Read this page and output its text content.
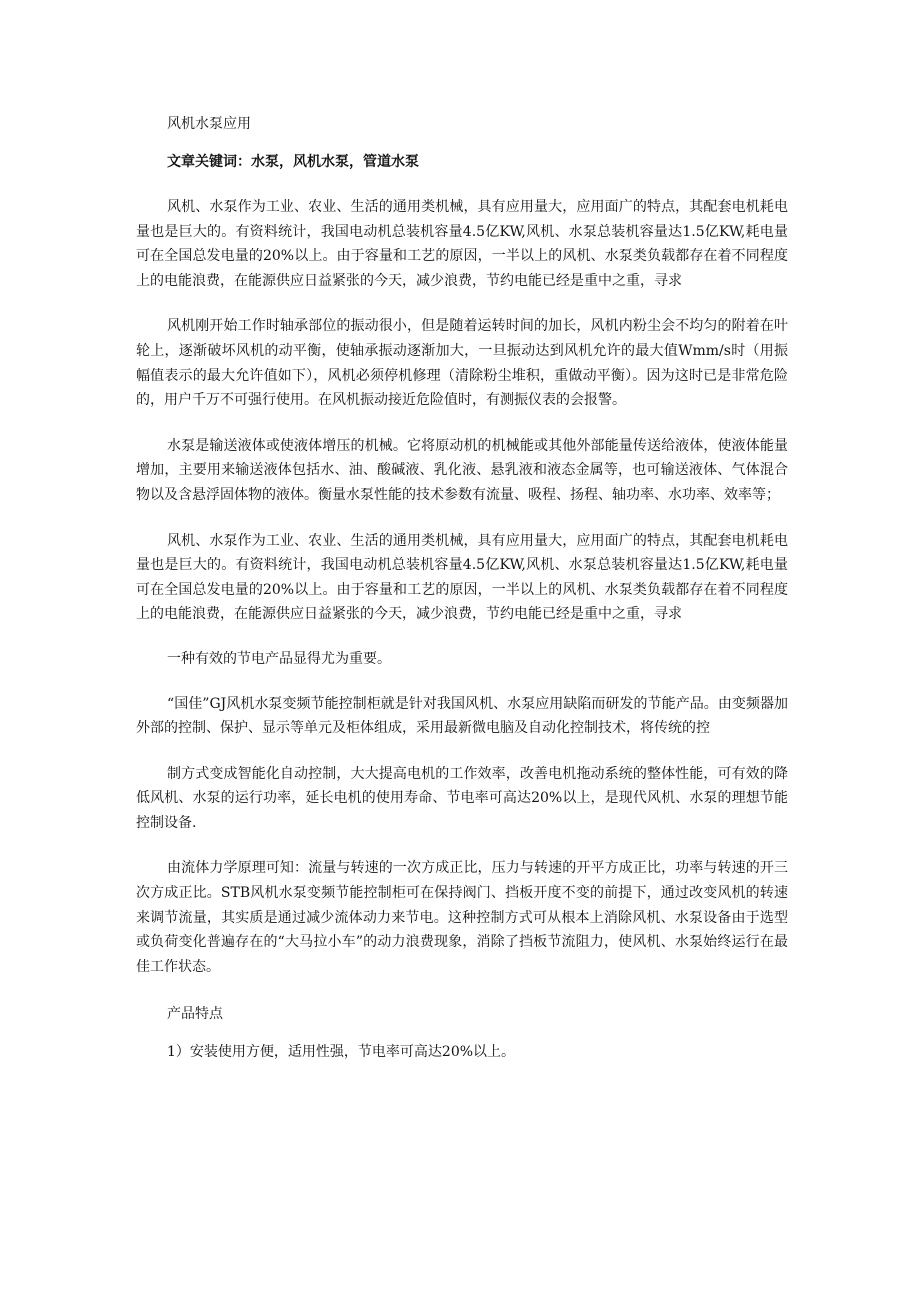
风机水泵应用

文章关键词：水泵，风机水泵，管道水泵

风机、水泵作为工业、农业、生活的通用类机械，具有应用量大，应用面广的特点，其配套电机耗电量也是巨大的。有资料统计，我国电动机总装机容量4.5亿KW,风机、水泵总装机容量达1.5亿KW,耗电量可在全国总发电量的20%以上。由于容量和工艺的原因，一半以上的风机、水泵类负载都存在着不同程度上的电能浪费，在能源供应日益紧张的今天，减少浪费，节约电能已经是重中之重，寻求

风机刚开始工作时轴承部位的振动很小，但是随着运转时间的加长，风机内粉尘会不均匀的附着在叶轮上，逐渐破坏风机的动平衡，使轴承振动逐渐加大，一旦振动达到风机允许的最大值Wmm/s时（用振幅值表示的最大允许值如下），风机必须停机修理（清除粉尘堆积，重做动平衡）。因为这时已是非常危险的，用户千万不可强行使用。在风机振动接近危险值时，有测振仪表的会报警。

水泵是输送液体或使液体增压的机械。它将原动机的机械能或其他外部能量传送给液体，使液体能量增加，主要用来输送液体包括水、油、酸碱液、乳化液、悬乳液和液态金属等，也可输送液体、气体混合物以及含悬浮固体物的液体。衡量水泵性能的技术参数有流量、吸程、扬程、轴功率、水功率、效率等；

风机、水泵作为工业、农业、生活的通用类机械，具有应用量大，应用面广的特点，其配套电机耗电量也是巨大的。有资料统计，我国电动机总装机容量4.5亿KW,风机、水泵总装机容量达1.5亿KW,耗电量可在全国总发电量的20%以上。由于容量和工艺的原因，一半以上的风机、水泵类负载都存在着不同程度上的电能浪费，在能源供应日益紧张的今天，减少浪费，节约电能已经是重中之重，寻求

一种有效的节电产品显得尤为重要。

“国佳”GJ风机水泵变频节能控制柜就是针对我国风机、水泵应用缺陷而研发的节能产品。由变频器加外部的控制、保护、显示等单元及柜体组成，采用最新微电脑及自动化控制技术，将传统的控

制方式变成智能化自动控制，大大提高电机的工作效率，改善电机拖动系统的整体性能，可有效的降低风机、水泵的运行功率，延长电机的使用寿命、节电率可高达20%以上，是现代风机、水泵的理想节能控制设备.

由流体力学原理可知：流量与转速的一次方成正比，压力与转速的开平方成正比，功率与转速的开三次方成正比。STB风机水泵变频节能控制柜可在保持阀门、挡板开度不变的前提下，通过改变风机的转速来调节流量，其实质是通过减少流体动力来节电。这种控制方式可从根本上消除风机、水泵设备由于选型或负荷变化普遍存在的“大马拉小车”的动力浪费现象，消除了挡板节流阻力，使风机、水泵始终运行在最佳工作状态。

产品特点

1）安装使用方便，适用性强，节电率可高达20%以上。
